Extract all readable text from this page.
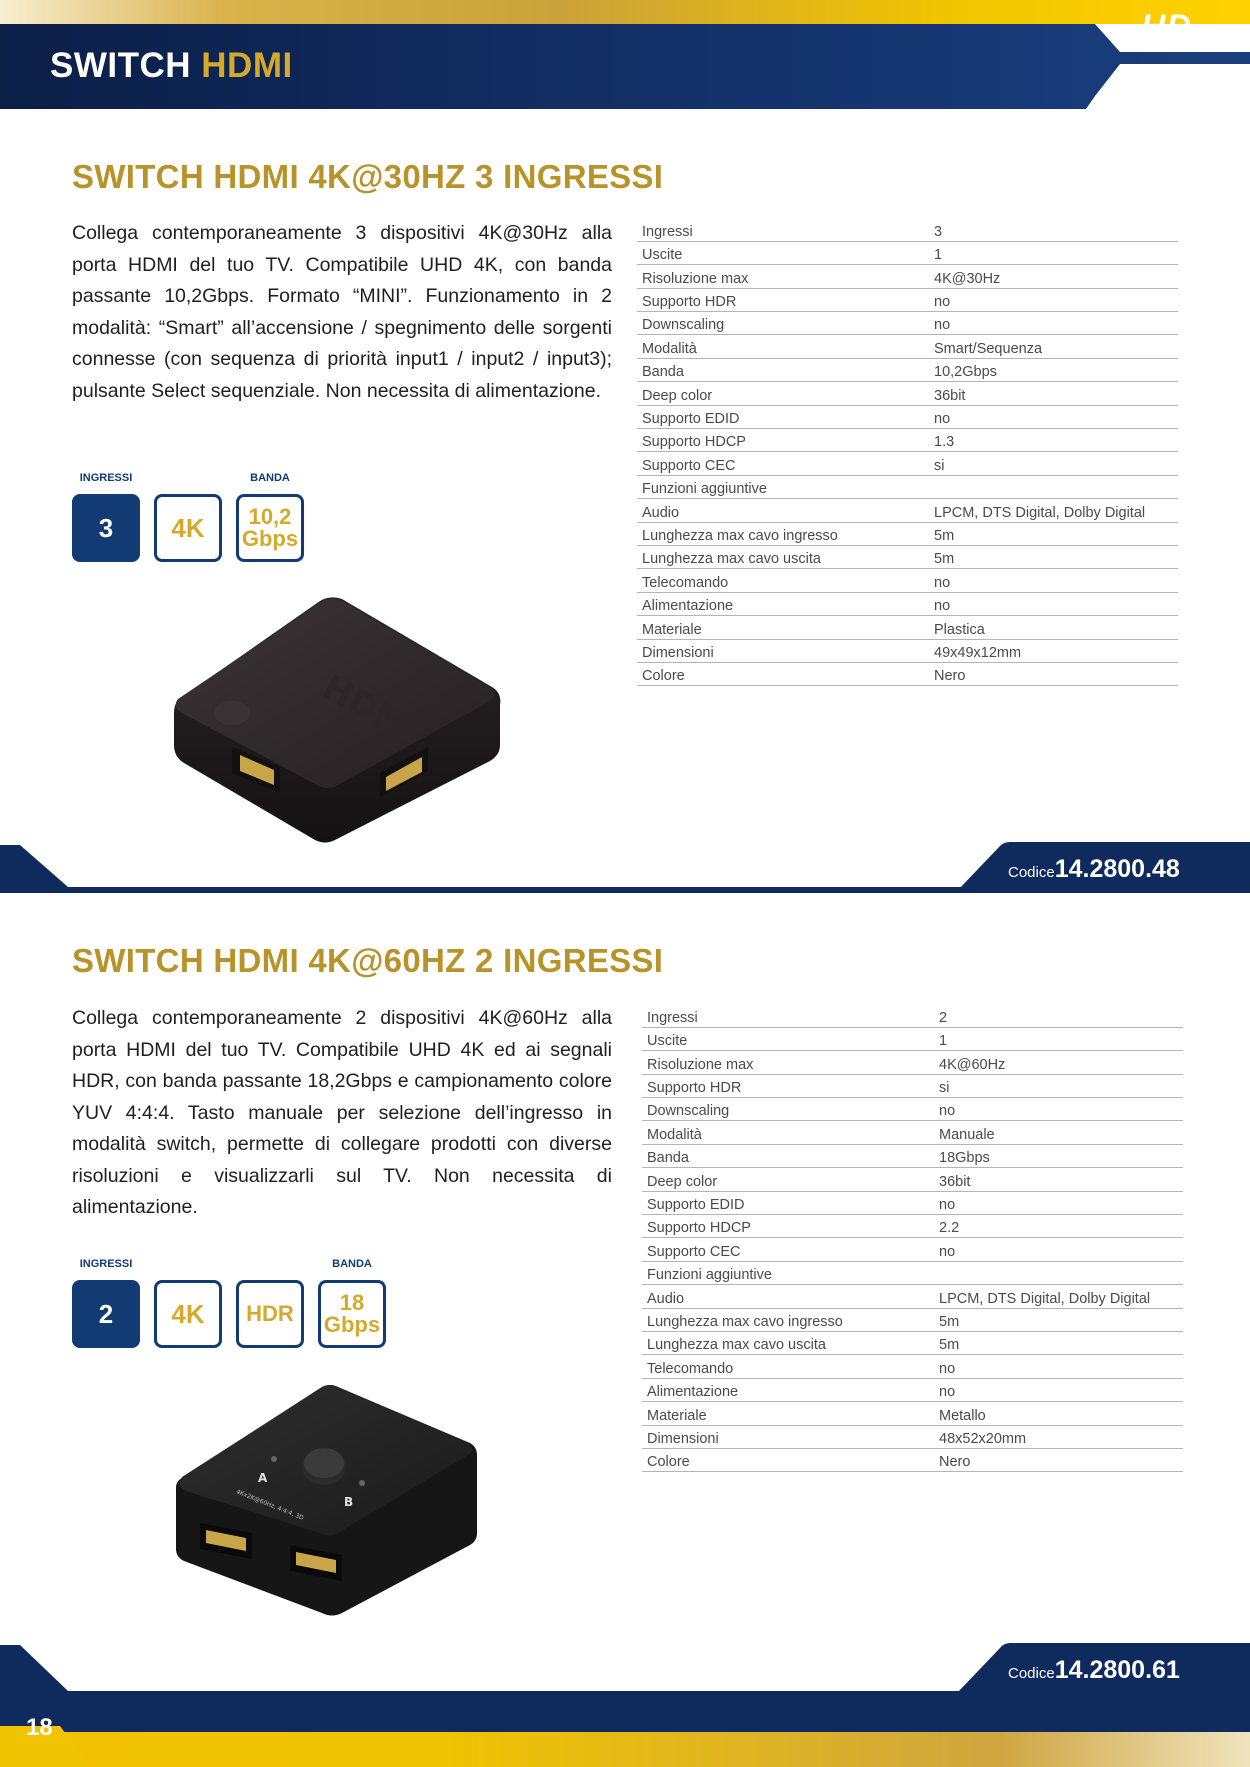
SWITCH HDMI
HD
SWITCH HDMI 4K@30HZ 3 INGRESSI
Collega contemporaneamente 3 dispositivi 4K@30Hz alla porta HDMI del tuo TV. Compatibile UHD 4K, con banda passante 10,2Gbps. Formato “MINI”. Funzionamento in 2 modalità: “Smart” all’accensione / spegnimento delle sorgenti connesse (con sequenza di priorità input1 / input2 / input3); pulsante Select sequenziale. Non necessita di alimentazione.
INGRESSI
3 4K
BANDA
10,2
Gbps
HDMI
Ingressi	3
Uscite	1
Risoluzione max	4K@30Hz
Supporto HDR	no
Downscaling	no
Modalità	Smart/Sequenza
Banda	10,2Gbps
Deep color	36bit
Supporto EDID	no
Supporto HDCP	1.3
Supporto CEC	si
Funzioni aggiuntive	
Audio	LPCM, DTS Digital, Dolby Digital
Lunghezza max cavo ingresso	5m
Lunghezza max cavo uscita	5m
Telecomando	no
Alimentazione	no
Materiale	Plastica
Dimensioni	49x49x12mm
Colore	Nero
Codice14.2800.48
SWITCH HDMI 4K@60HZ 2 INGRESSI
Collega contemporaneamente 2 dispositivi 4K@60Hz alla porta HDMI del tuo TV. Compatibile UHD 4K ed ai segnali HDR, con banda passante 18,2Gbps e campionamento colore YUV 4:4:4. Tasto manuale per selezione dell’ingresso in modalità switch, permette di collegare prodotti con diverse risoluzioni e visualizzarli sul TV. Non necessita di alimentazione.
INGRESSI
2 4K HDR
BANDA
18
Gbps
A
B
4Kx2K@60Hz, 4:4:4, 3D
Ingressi	2
Uscite	1
Risoluzione max	4K@60Hz
Supporto HDR	si
Downscaling	no
Modalità	Manuale
Banda	18Gbps
Deep color	36bit
Supporto EDID	no
Supporto HDCP	2.2
Supporto CEC	no
Funzioni aggiuntive	
Audio	LPCM, DTS Digital, Dolby Digital
Lunghezza max cavo ingresso	5m
Lunghezza max cavo uscita	5m
Telecomando	no
Alimentazione	no
Materiale	Metallo
Dimensioni	48x52x20mm
Colore	Nero
Codice14.2800.61
18
